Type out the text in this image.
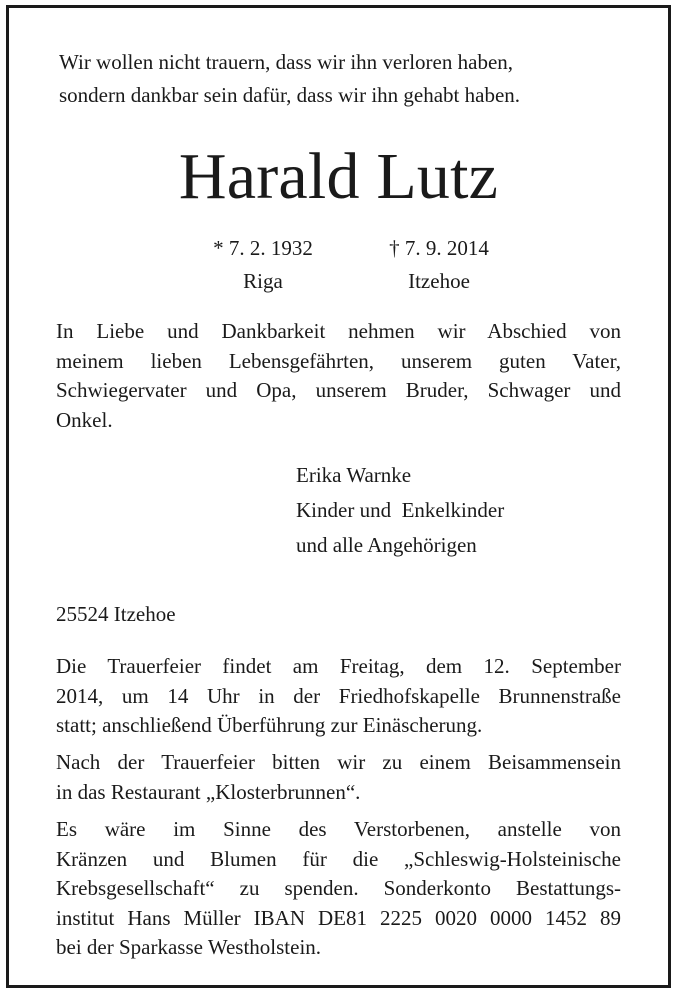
Wir wollen nicht trauern, dass wir ihn verloren haben,
sondern dankbar sein dafür, dass wir ihn gehabt haben.
Harald Lutz
* 7. 2. 1932
Riga
† 7. 9. 2014
Itzehoe
In Liebe und Dankbarkeit nehmen wir Abschied von
meinem lieben Lebensgefährten, unserem guten Vater,
Schwiegervater und Opa, unserem Bruder, Schwager und
Onkel.
Erika Warnke
Kinder und  Enkelkinder
und alle Angehörigen
25524 Itzehoe
Die Trauerfeier findet am Freitag, dem 12. September
2014, um 14 Uhr in der Friedhofskapelle Brunnenstraße
statt; anschließend Überführung zur Einäscherung.
Nach der Trauerfeier bitten wir zu einem Beisammensein
in das Restaurant „Klosterbrunnen“.
Es wäre im Sinne des Verstorbenen, anstelle von
Kränzen und Blumen für die „Schleswig-Holsteinische
Krebsgesellschaft“ zu spenden. Sonderkonto Bestattungs-
institut Hans Müller IBAN DE81 2225 0020 0000 1452 89
bei der Sparkasse Westholstein.
